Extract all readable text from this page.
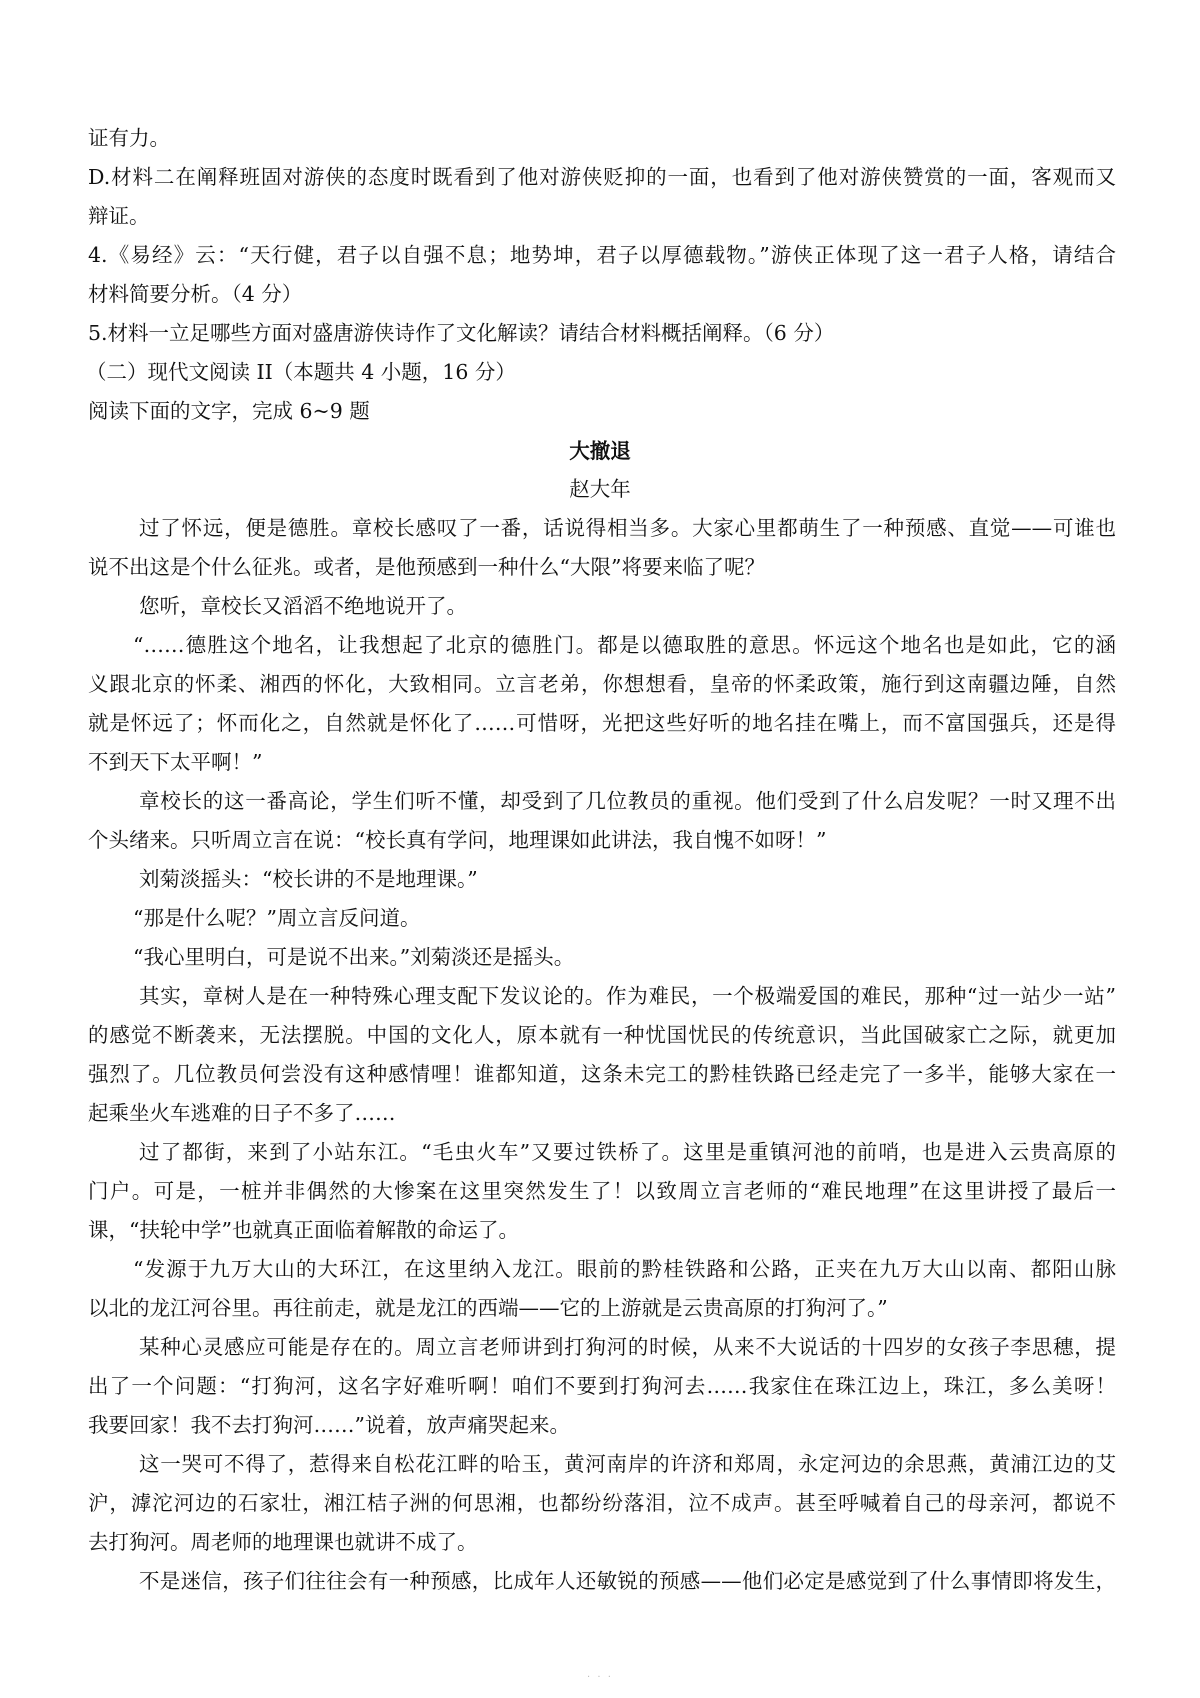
证有力。
D.材料二在阐释班固对游侠的态度时既看到了他对游侠贬抑的一面，也看到了他对游侠赞赏的一面，客观而又
辩证。
4.《易经》云：“天行健，君子以自强不息；地势坤，君子以厚德载物。”游侠正体现了这一君子人格，请结合
材料简要分析。（4 分）
5.材料一立足哪些方面对盛唐游侠诗作了文化解读？请结合材料概括阐释。（6 分）
（二）现代文阅读 II（本题共 4 小题，16 分）
阅读下面的文字，完成 6~9 题
大撤退
赵大年
过了怀远，便是德胜。章校长感叹了一番，话说得相当多。大家心里都萌生了一种预感、直觉——可谁也
说不出这是个什么征兆。或者，是他预感到一种什么“大限”将要来临了呢？
您听，章校长又滔滔不绝地说开了。
“……德胜这个地名，让我想起了北京的德胜门。都是以德取胜的意思。怀远这个地名也是如此，它的涵
义跟北京的怀柔、湘西的怀化，大致相同。立言老弟，你想想看，皇帝的怀柔政策，施行到这南疆边陲，自然
就是怀远了；怀而化之，自然就是怀化了……可惜呀，光把这些好听的地名挂在嘴上，而不富国强兵，还是得
不到天下太平啊！”
章校长的这一番高论，学生们听不懂，却受到了几位教员的重视。他们受到了什么启发呢？一时又理不出
个头绪来。只听周立言在说：“校长真有学问，地理课如此讲法，我自愧不如呀！”
刘菊淡摇头：“校长讲的不是地理课。”
“那是什么呢？”周立言反问道。
“我心里明白，可是说不出来。”刘菊淡还是摇头。
其实，章树人是在一种特殊心理支配下发议论的。作为难民，一个极端爱国的难民，那种“过一站少一站”
的感觉不断袭来，无法摆脱。中国的文化人，原本就有一种忧国忧民的传统意识，当此国破家亡之际，就更加
强烈了。几位教员何尝没有这种感情哩！谁都知道，这条未完工的黔桂铁路已经走完了一多半，能够大家在一
起乘坐火车逃难的日子不多了……
过了都街，来到了小站东江。“毛虫火车”又要过铁桥了。这里是重镇河池的前哨，也是进入云贵高原的
门户。可是，一桩并非偶然的大惨案在这里突然发生了！以致周立言老师的“难民地理”在这里讲授了最后一
课，“扶轮中学”也就真正面临着解散的命运了。
“发源于九万大山的大环江，在这里纳入龙江。眼前的黔桂铁路和公路，正夹在九万大山以南、都阳山脉
以北的龙江河谷里。再往前走，就是龙江的西端——它的上游就是云贵高原的打狗河了。”
某种心灵感应可能是存在的。周立言老师讲到打狗河的时候，从来不大说话的十四岁的女孩子李思穗，提
出了一个问题：“打狗河，这名字好难听啊！咱们不要到打狗河去……我家住在珠江边上，珠江，多么美呀！
我要回家！我不去打狗河……”说着，放声痛哭起来。
这一哭可不得了，惹得来自松花江畔的哈玉，黄河南岸的许济和郑周，永定河边的余思燕，黄浦江边的艾
沪，滹沱河边的石家壮，湘江桔子洲的何思湘，也都纷纷落泪，泣不成声。甚至呼喊着自己的母亲河，都说不
去打狗河。周老师的地理课也就讲不成了。
不是迷信，孩子们往往会有一种预感，比成年人还敏锐的预感——他们必定是感觉到了什么事情即将发生，
· · ·
